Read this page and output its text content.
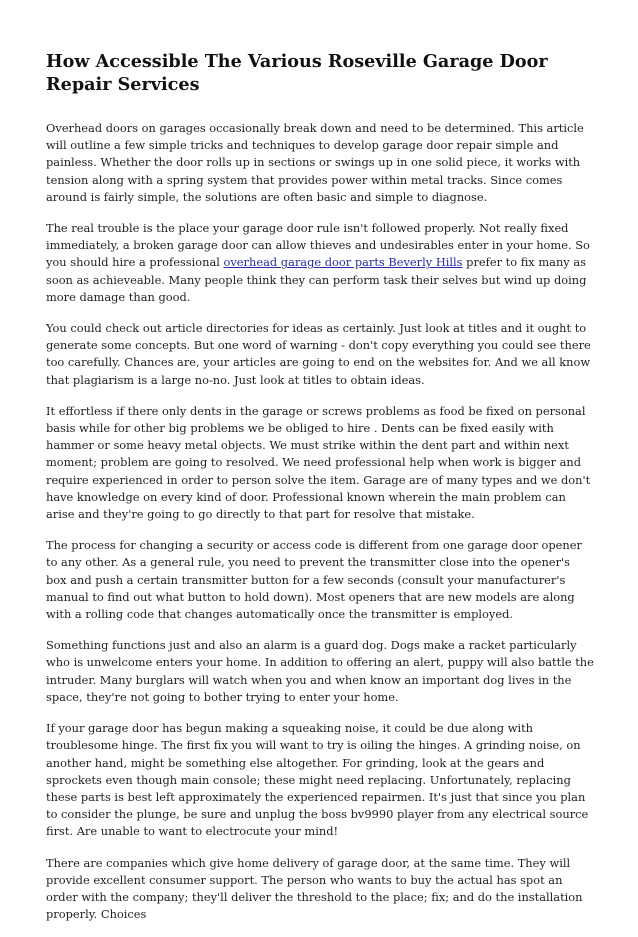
How Accessible The Various Roseville Garage Door Repair Services

Overhead doors on garages occasionally break down and need to be determined. This article will outline a few simple tricks and techniques to develop garage door repair simple and painless. Whether the door rolls up in sections or swings up in one solid piece, it works with tension along with a spring system that provides power within metal tracks. Since comes around is fairly simple, the solutions are often basic and simple to diagnose.

The real trouble is the place your garage door rule isn't followed properly. Not really fixed immediately, a broken garage door can allow thieves and undesirables enter in your home. So you should hire a professional overhead garage door parts Beverly Hills prefer to fix many as soon as achieveable. Many people think they can perform task their selves but wind up doing more damage than good.

You could check out article directories for ideas as certainly. Just look at titles and it ought to generate some concepts. But one word of warning - don't copy everything you could see there too carefully. Chances are, your articles are going to end on the websites for. And we all know that plagiarism is a large no-no. Just look at titles to obtain ideas.

It effortless if there only dents in the garage or screws problems as food be fixed on personal basis while for other big problems we be obliged to hire . Dents can be fixed easily with hammer or some heavy metal objects. We must strike within the dent part and within next moment; problem are going to resolved. We need professional help when work is bigger and require experienced in order to person solve the item. Garage are of many types and we don't have knowledge on every kind of door. Professional known wherein the main problem can arise and they're going to go directly to that part for resolve that mistake.

The process for changing a security or access code is different from one garage door opener to any other. As a general rule, you need to prevent the transmitter close into the opener's box and push a certain transmitter button for a few seconds (consult your manufacturer's manual to find out what button to hold down). Most openers that are new models are along with a rolling code that changes automatically once the transmitter is employed.

Something functions just and also an alarm is a guard dog. Dogs make a racket particularly who is unwelcome enters your home. In addition to offering an alert, puppy will also battle the intruder. Many burglars will watch when you and when know an important dog lives in the space, they're not going to bother trying to enter your home.

If your garage door has begun making a squeaking noise, it could be due along with troublesome hinge. The first fix you will want to try is oiling the hinges. A grinding noise, on another hand, might be something else altogether. For grinding, look at the gears and sprockets even though main console; these might need replacing. Unfortunately, replacing these parts is best left approximately the experienced repairmen. It's just that since you plan to consider the plunge, be sure and unplug the boss bv9990 player from any electrical source first. Are unable to want to electrocute your mind!

There are companies which give home delivery of garage door, at the same time. They will provide excellent consumer support. The person who wants to buy the actual has spot an order with the company; they'll deliver the threshold to the place; fix; and do the installation properly. Choices
